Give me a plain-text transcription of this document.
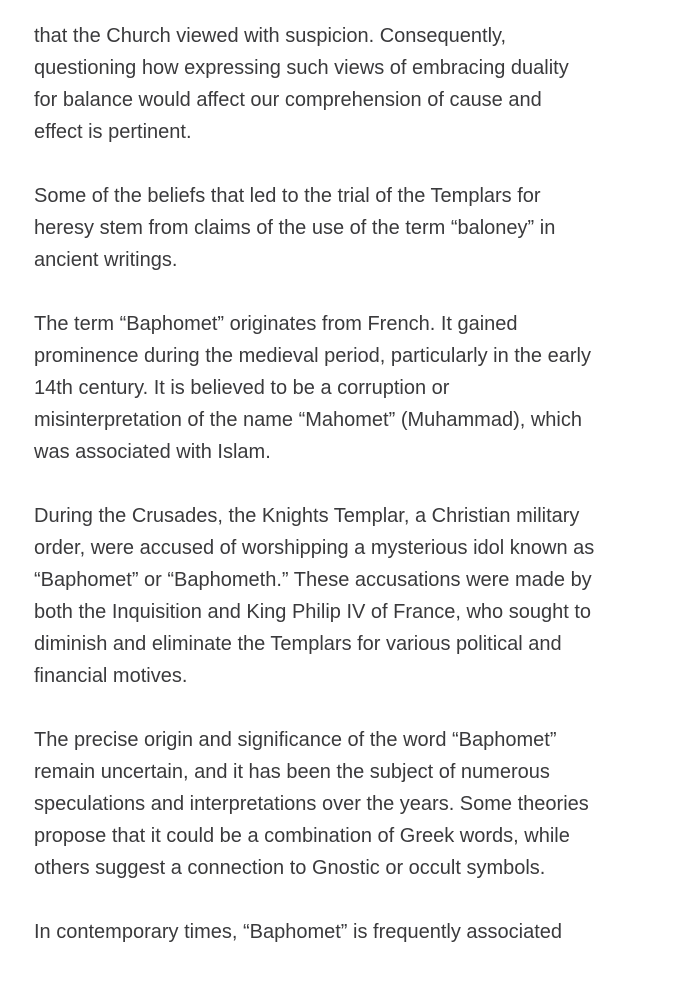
that the Church viewed with suspicion. Consequently,
questioning how expressing such views of embracing duality
for balance would affect our comprehension of cause and
effect is pertinent.

Some of the beliefs that led to the trial of the Templars for
heresy stem from claims of the use of the term “baloney” in
ancient writings.

The term “Baphomet” originates from French. It gained
prominence during the medieval period, particularly in the early
14th century. It is believed to be a corruption or
misinterpretation of the name “Mahomet” (Muhammad), which
was associated with Islam.

During the Crusades, the Knights Templar, a Christian military
order, were accused of worshipping a mysterious idol known as
“Baphomet” or “Baphometh.” These accusations were made by
both the Inquisition and King Philip IV of France, who sought to
diminish and eliminate the Templars for various political and
financial motives.

The precise origin and significance of the word “Baphomet”
remain uncertain, and it has been the subject of numerous
speculations and interpretations over the years. Some theories
propose that it could be a combination of Greek words, while
others suggest a connection to Gnostic or occult symbols.

In contemporary times, “Baphomet” is frequently associated
